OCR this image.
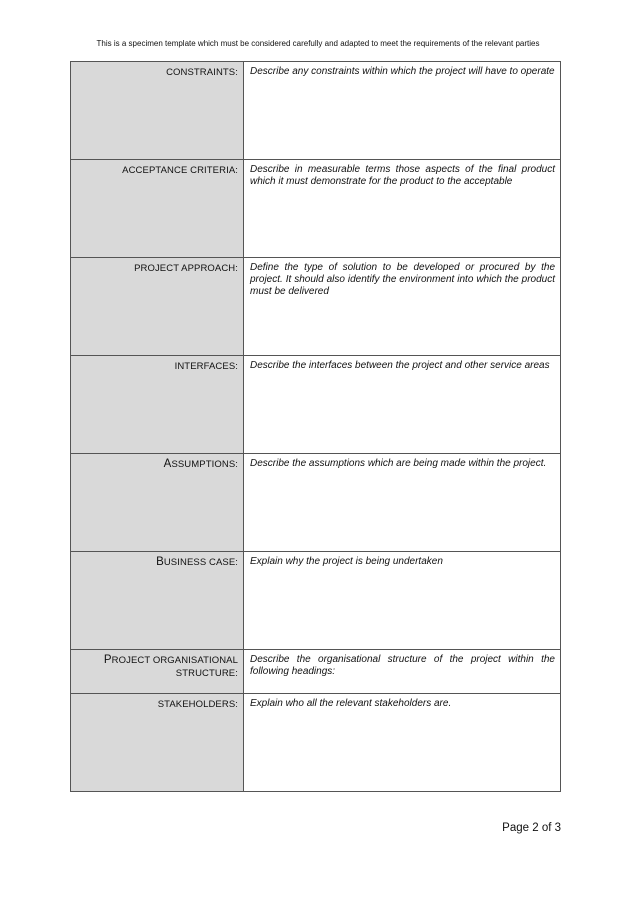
This is a specimen template which must be considered carefully and adapted to meet the requirements of the relevant parties
CONSTRAINTS:	Describe any constraints within which the project will have to operate

ACCEPTANCE CRITERIA:	Describe in measurable terms those aspects of the final product which it must demonstrate for the product to the acceptable

PROJECT APPROACH:	Define the type of solution to be developed or procured by the project. It should also identify the environment into which the product must be delivered

INTERFACES:	Describe the interfaces between the project and other service areas

ASSUMPTIONS:	Describe the assumptions which are being made within the project.

BUSINESS CASE:	Explain why the project is being undertaken

PROJECT ORGANISATIONAL
STRUCTURE:	Describe the organisational structure of the project within the following headings:

STAKEHOLDERS:	Explain who all the relevant stakeholders are.
Page 2 of 3
